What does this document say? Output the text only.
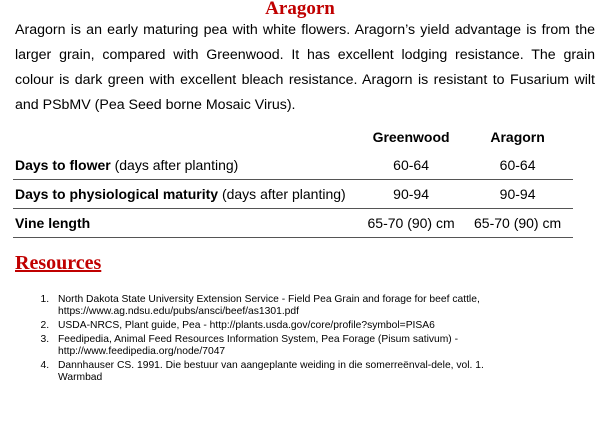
Aragorn
Aragorn is an early maturing pea with white flowers. Aragorn’s yield advantage is from the larger grain, compared with Greenwood. It has excellent lodging resistance. The grain colour is dark green with excellent bleach resistance. Aragorn is resistant to Fusarium wilt and PSbMV (Pea Seed borne Mosaic Virus).
	Greenwood	Aragorn
Days to flower (days after planting)	60-64	60-64
Days to physiological maturity (days after planting)	90-94	90-94
Vine length	65-70 (90) cm	65-70 (90) cm
Resources
1. North Dakota State University Extension Service - Field Pea Grain and forage for beef cattle, https://www.ag.ndsu.edu/pubs/ansci/beef/as1301.pdf
2. USDA-NRCS, Plant guide, Pea - http://plants.usda.gov/core/profile?symbol=PISA6
3. Feedipedia, Animal Feed Resources Information System, Pea Forage (Pisum sativum) - http://www.feedipedia.org/node/7047
4. Dannhauser CS. 1991. Die bestuur van aangeplante weiding in die somerreënval-dele, vol. 1. Warmbad
